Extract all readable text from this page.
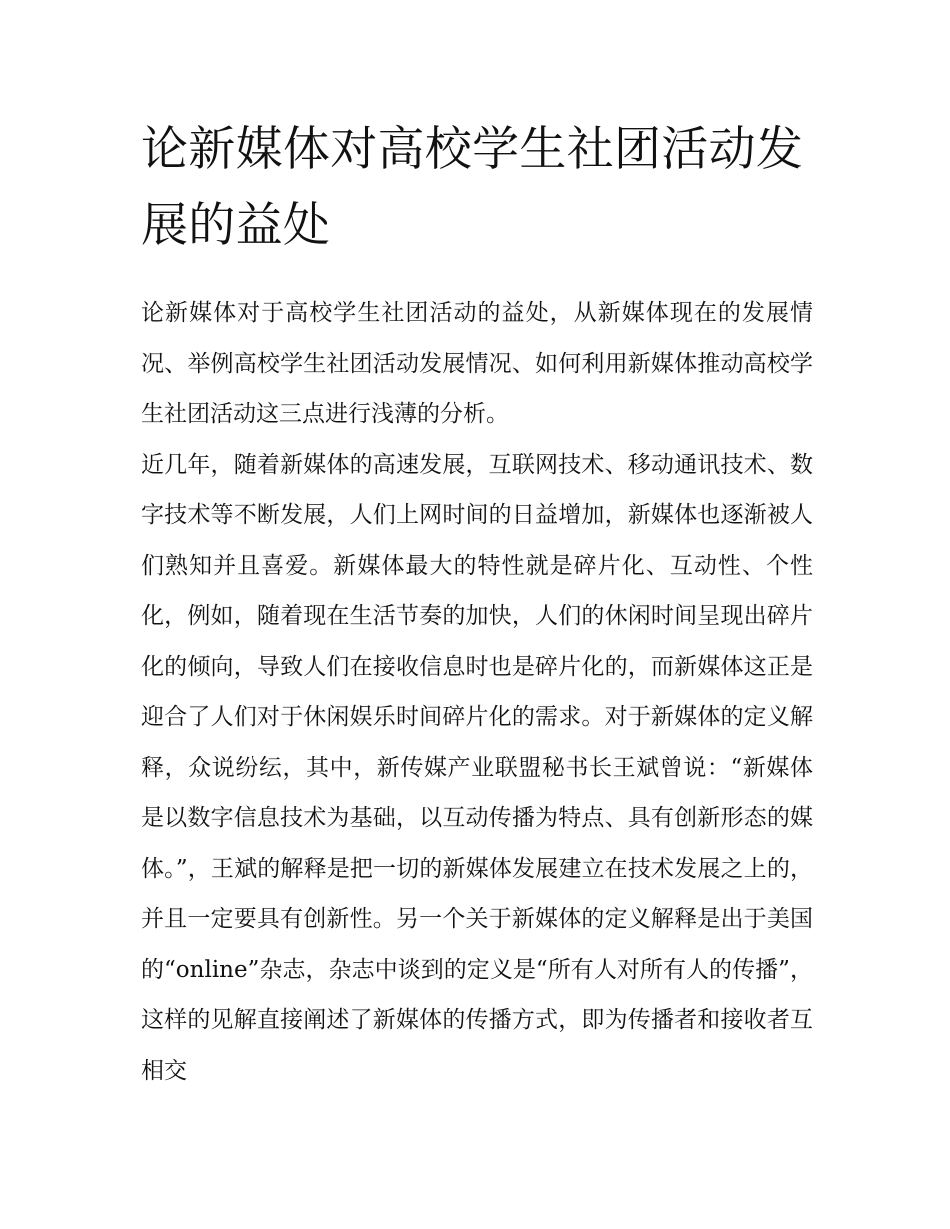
论新媒体对高校学生社团活动发展的益处

论新媒体对于高校学生社团活动的益处，从新媒体现在的发展情况、举例高校学生社团活动发展情况、如何利用新媒体推动高校学生社团活动这三点进行浅薄的分析。

近几年，随着新媒体的高速发展，互联网技术、移动通讯技术、数字技术等不断发展，人们上网时间的日益增加，新媒体也逐渐被人们熟知并且喜爱。新媒体最大的特性就是碎片化、互动性、个性化，例如，随着现在生活节奏的加快，人们的休闲时间呈现出碎片化的倾向，导致人们在接收信息时也是碎片化的，而新媒体这正是迎合了人们对于休闲娱乐时间碎片化的需求。对于新媒体的定义解释，众说纷纭，其中，新传媒产业联盟秘书长王斌曾说：“新媒体是以数字信息技术为基础，以互动传播为特点、具有创新形态的媒体。”，王斌的解释是把一切的新媒体发展建立在技术发展之上的，并且一定要具有创新性。另一个关于新媒体的定义解释是出于美国的“online”杂志，杂志中谈到的定义是“所有人对所有人的传播”，这样的见解直接阐述了新媒体的传播方式，即为传播者和接收者互相交
